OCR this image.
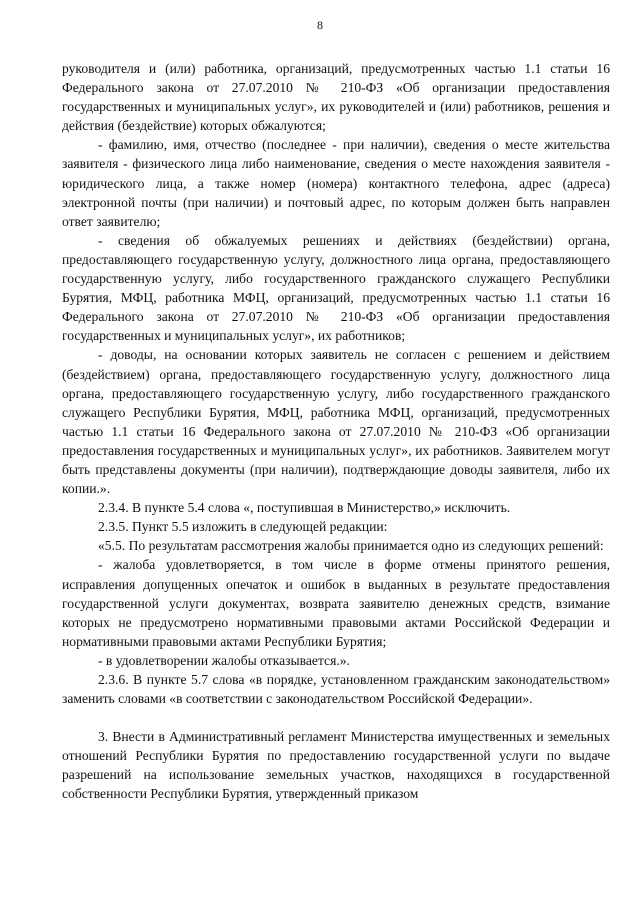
8

руководителя и (или) работника, организаций, предусмотренных частью 1.1 статьи 16 Федерального закона от 27.07.2010 № 210-ФЗ «Об организации предоставления государственных и муниципальных услуг», их руководителей и (или) работников, решения и действия (бездействие) которых обжалуются;

- фамилию, имя, отчество (последнее - при наличии), сведения о месте жительства заявителя - физического лица либо наименование, сведения о месте нахождения заявителя - юридического лица, а также номер (номера) контактного телефона, адрес (адреса) электронной почты (при наличии) и почтовый адрес, по которым должен быть направлен ответ заявителю;

- сведения об обжалуемых решениях и действиях (бездействии) органа, предоставляющего государственную услугу, должностного лица органа, предоставляющего государственную услугу, либо государственного гражданского служащего Республики Бурятия, МФЦ, работника МФЦ, организаций, предусмотренных частью 1.1 статьи 16 Федерального закона от 27.07.2010 № 210-ФЗ «Об организации предоставления государственных и муниципальных услуг», их работников;

- доводы, на основании которых заявитель не согласен с решением и действием (бездействием) органа, предоставляющего государственную услугу, должностного лица органа, предоставляющего государственную услугу, либо государственного гражданского служащего Республики Бурятия, МФЦ, работника МФЦ, организаций, предусмотренных частью 1.1 статьи 16 Федерального закона от 27.07.2010 № 210-ФЗ «Об организации предоставления государственных и муниципальных услуг», их работников. Заявителем могут быть представлены документы (при наличии), подтверждающие доводы заявителя, либо их копии.».

2.3.4. В пункте 5.4 слова «, поступившая в Министерство,» исключить.

2.3.5. Пункт 5.5 изложить в следующей редакции:

«5.5. По результатам рассмотрения жалобы принимается одно из следующих решений:

- жалоба удовлетворяется, в том числе в форме отмены принятого решения, исправления допущенных опечаток и ошибок в выданных в результате предоставления государственной услуги документах, возврата заявителю денежных средств, взимание которых не предусмотрено нормативными правовыми актами Российской Федерации и нормативными правовыми актами Республики Бурятия;

- в удовлетворении жалобы отказывается.».

2.3.6. В пункте 5.7 слова «в порядке, установленном гражданским законодательством» заменить словами «в соответствии с законодательством Российской Федерации».

3. Внести в Административный регламент Министерства имущественных и земельных отношений Республики Бурятия по предоставлению государственной услуги по выдаче разрешений на использование земельных участков, находящихся в государственной собственности Республики Бурятия, утвержденный приказом
